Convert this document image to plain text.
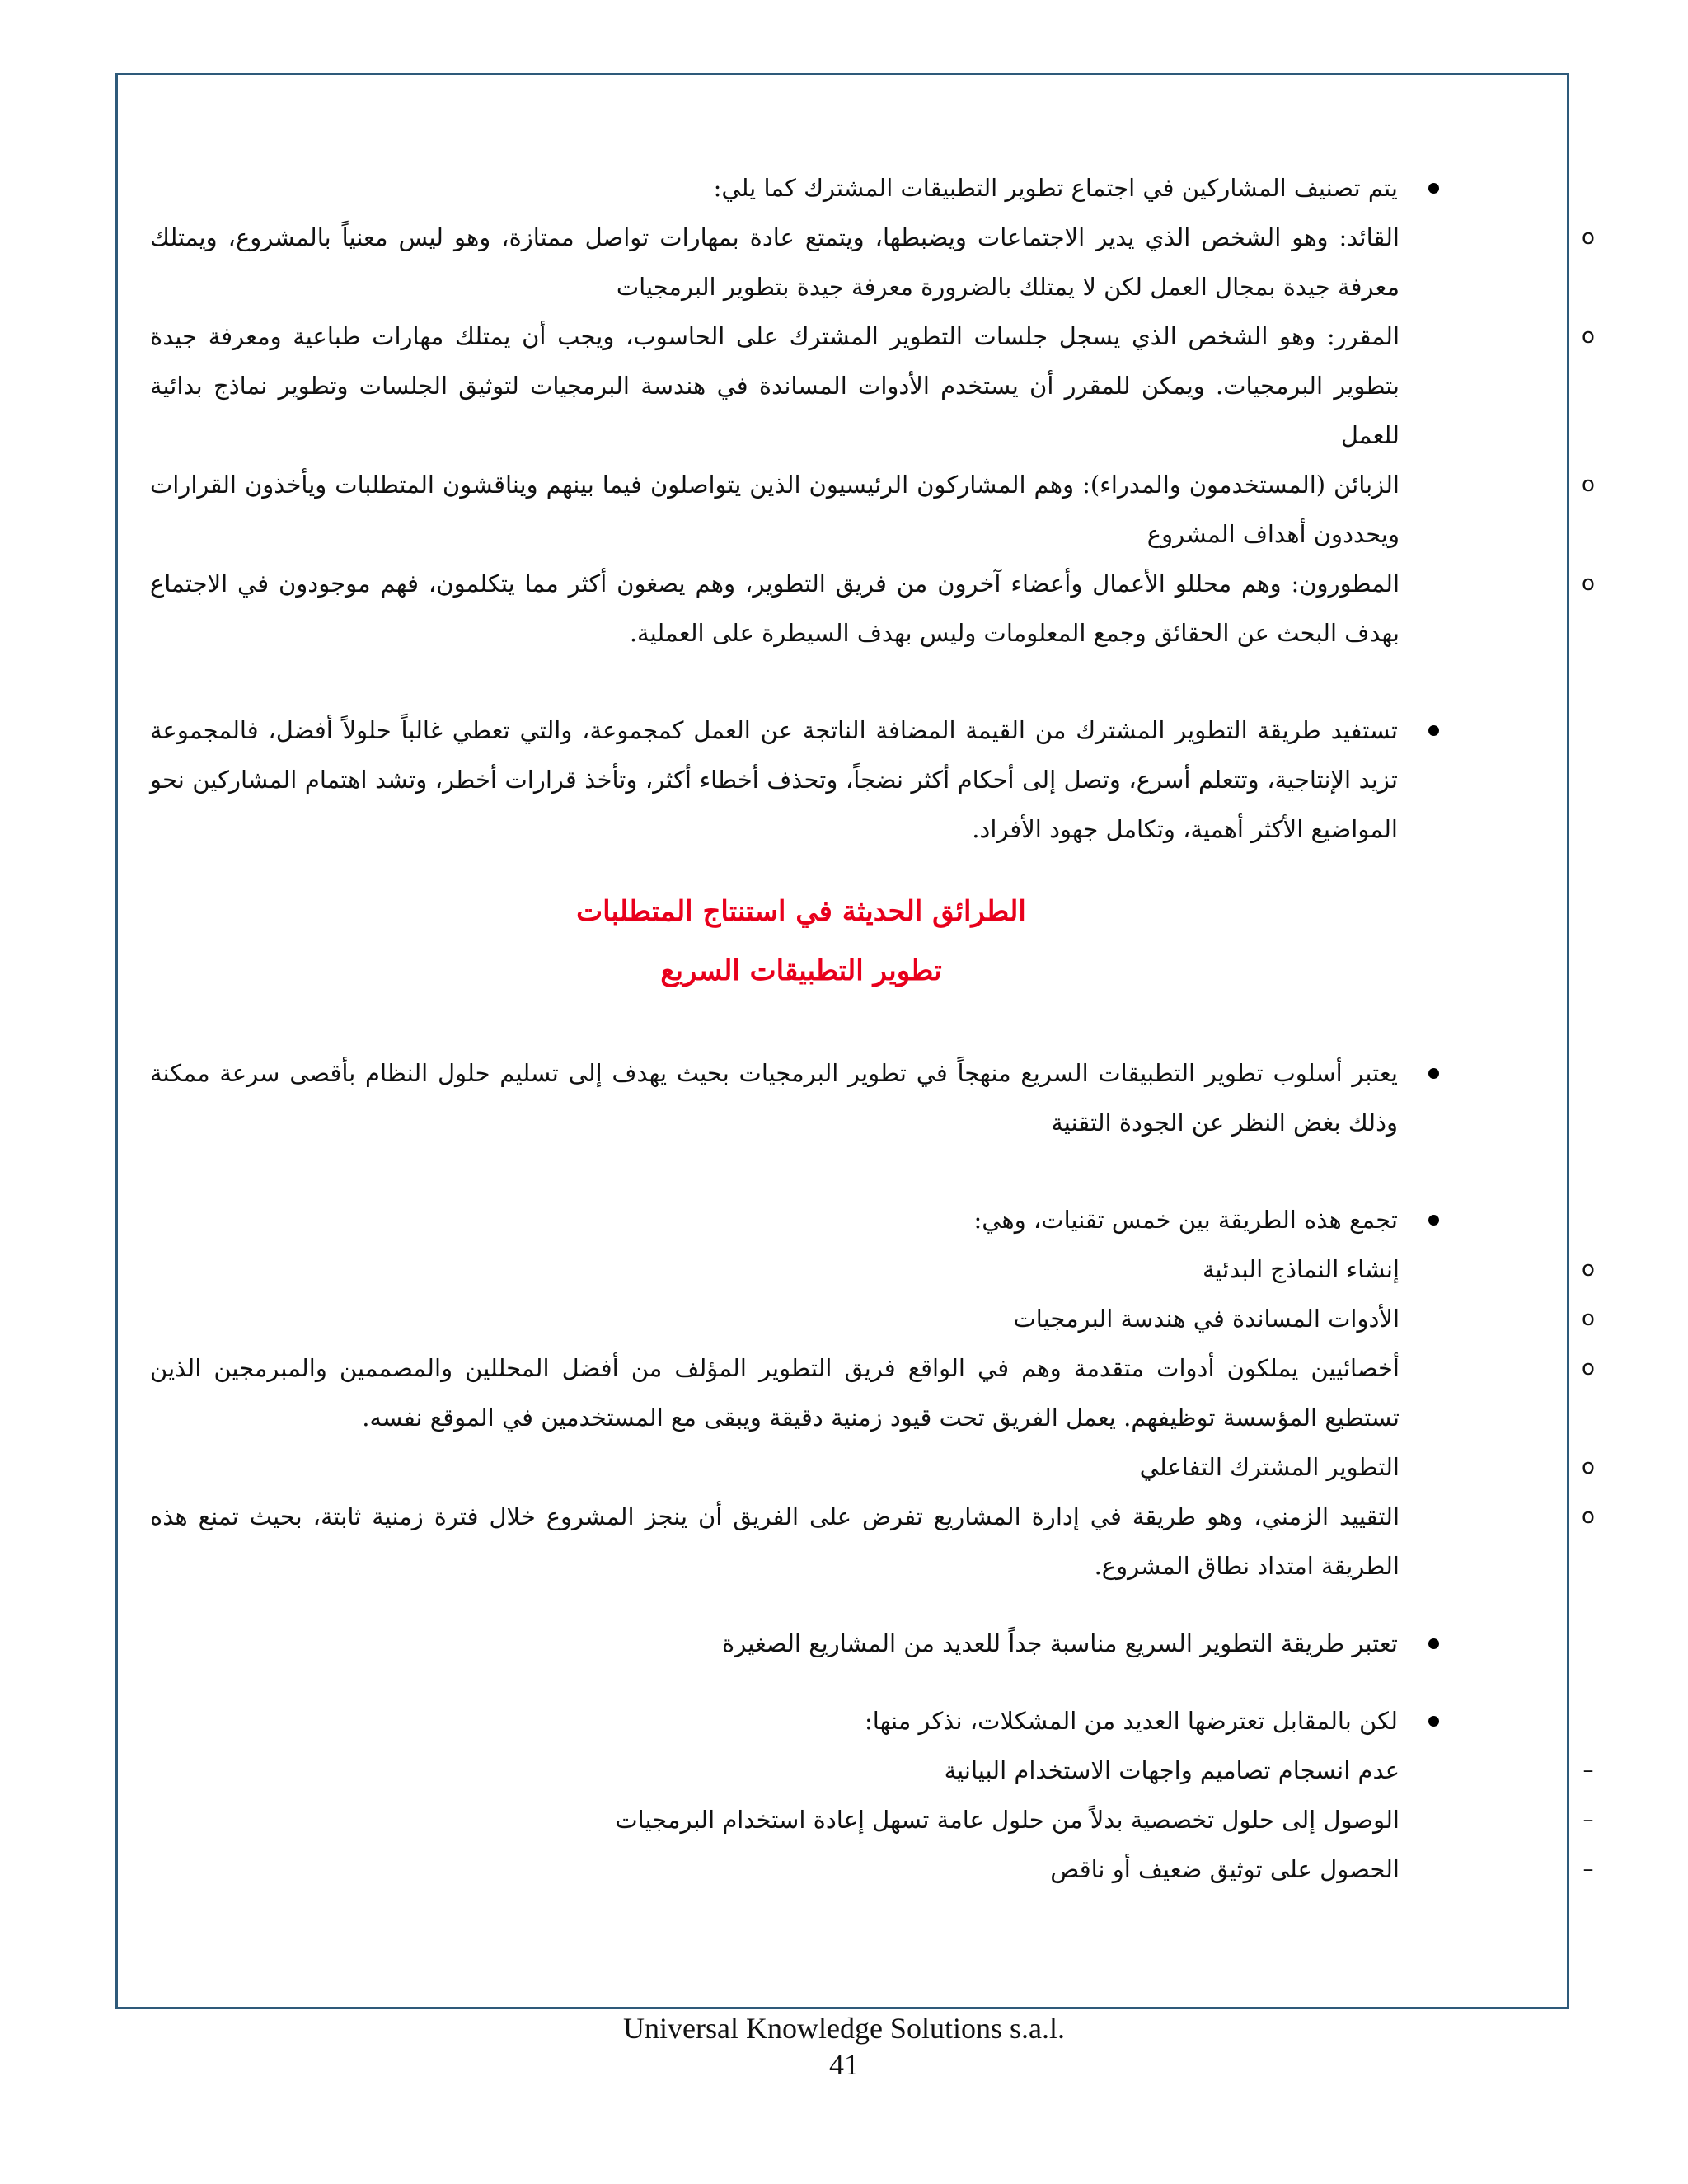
يتم تصنيف المشاركين في اجتماع تطوير التطبيقات المشترك كما يلي:
o
القائد: وهو الشخص الذي يدير الاجتماعات ويضبطها، ويتمتع عادة بمهارات تواصل ممتازة، وهو ليس معنياً بالمشروع، ويمتلك معرفة جيدة بمجال العمل لكن لا يمتلك بالضرورة معرفة جيدة بتطوير البرمجيات
o
المقرر: وهو الشخص الذي يسجل جلسات التطوير المشترك على الحاسوب، ويجب أن يمتلك مهارات طباعية ومعرفة جيدة بتطوير البرمجيات. ويمكن للمقرر أن يستخدم الأدوات المساندة في هندسة البرمجيات لتوثيق الجلسات وتطوير نماذج بدائية للعمل
o
الزبائن (المستخدمون والمدراء): وهم المشاركون الرئيسيون الذين يتواصلون فيما بينهم ويناقشون المتطلبات ويأخذون القرارات ويحددون أهداف المشروع
o
المطورون: وهم محللو الأعمال وأعضاء آخرون من فريق التطوير، وهم يصغون أكثر مما يتكلمون، فهم موجودون في الاجتماع بهدف البحث عن الحقائق وجمع المعلومات وليس بهدف السيطرة على العملية.
تستفيد طريقة التطوير المشترك من القيمة المضافة الناتجة عن العمل كمجموعة، والتي تعطي غالباً حلولاً أفضل، فالمجموعة تزيد الإنتاجية، وتتعلم أسرع، وتصل إلى أحكام أكثر نضجاً، وتحذف أخطاء أكثر، وتأخذ قرارات أخطر، وتشد اهتمام المشاركين نحو المواضيع الأكثر أهمية، وتكامل جهود الأفراد.
الطرائق الحديثة في استنتاج المتطلبات
تطوير التطبيقات السريع
يعتبر أسلوب تطوير التطبيقات السريع منهجاً في تطوير البرمجيات بحيث يهدف إلى تسليم حلول النظام بأقصى سرعة ممكنة وذلك بغض النظر عن الجودة التقنية
تجمع هذه الطريقة بين خمس تقنيات، وهي:
o
إنشاء النماذج البدئية
o
الأدوات المساندة في هندسة البرمجيات
o
أخصائيين يملكون أدوات متقدمة وهم في الواقع فريق التطوير المؤلف من أفضل المحللين والمصممين والمبرمجين الذين تستطيع المؤسسة توظيفهم. يعمل الفريق تحت قيود زمنية دقيقة ويبقى مع المستخدمين في الموقع نفسه.
o
التطوير المشترك التفاعلي
o
التقييد الزمني، وهو طريقة في إدارة المشاريع تفرض على الفريق أن ينجز المشروع خلال فترة زمنية ثابتة، بحيث تمنع هذه الطريقة امتداد نطاق المشروع.
تعتبر طريقة التطوير السريع مناسبة جداً للعديد من المشاريع الصغيرة
لكن بالمقابل تعترضها العديد من المشكلات، نذكر منها:
–
عدم انسجام تصاميم واجهات الاستخدام البيانية
–
الوصول إلى حلول تخصصية بدلاً من حلول عامة تسهل إعادة استخدام البرمجيات
–
الحصول على توثيق ضعيف أو ناقص
Universal Knowledge Solutions s.a.l.
41
